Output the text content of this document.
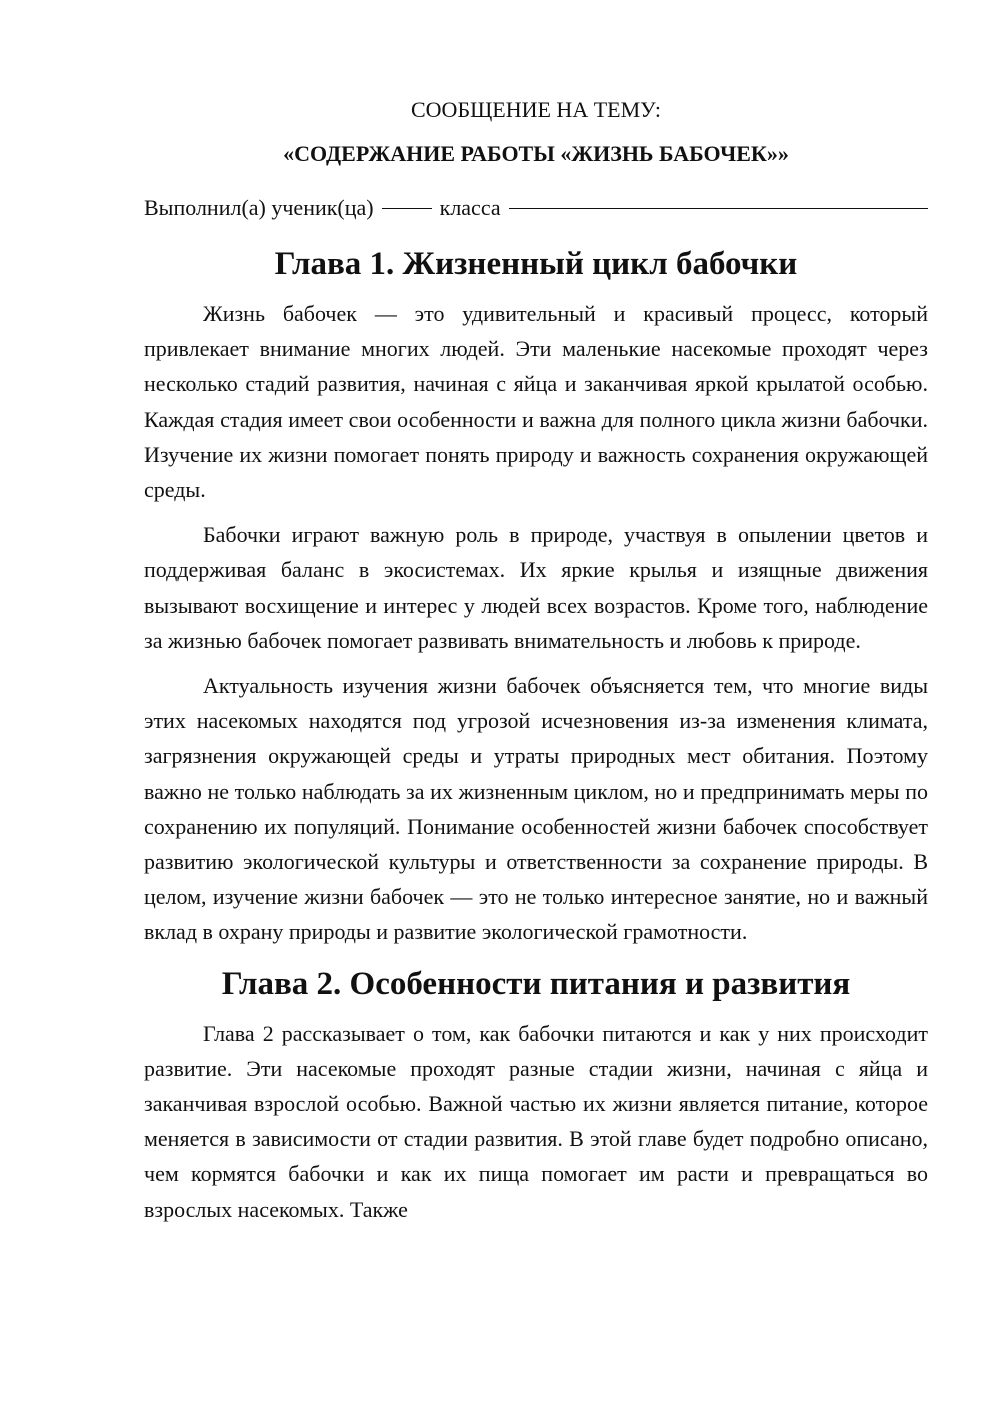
СООБЩЕНИЕ НА ТЕМУ:

«СОДЕРЖАНИЕ РАБОТЫ «ЖИЗНЬ БАБОЧЕК»»

Выполнил(а) ученик(ца)	класса
Глава 1. Жизненный цикл бабочки

Жизнь бабочек — это удивительный и красивый процесс, который привлекает внимание многих людей. Эти маленькие насекомые проходят через несколько стадий развития, начиная с яйца и заканчивая яркой крылатой особью. Каждая стадия имеет свои особенности и важна для полного цикла жизни бабочки. Изучение их жизни помогает понять природу и важность сохранения окружающей среды.

Бабочки играют важную роль в природе, участвуя в опылении цветов и поддерживая баланс в экосистемах. Их яркие крылья и изящные движения вызывают восхищение и интерес у людей всех возрастов. Кроме того, наблюдение за жизнью бабочек помогает развивать внимательность и любовь к природе.

Актуальность изучения жизни бабочек объясняется тем, что многие виды этих насекомых находятся под угрозой исчезновения из-за изменения климата, загрязнения окружающей среды и утраты природных мест обитания. Поэтому важно не только наблюдать за их жизненным циклом, но и предпринимать меры по сохранению их популяций. Понимание особенностей жизни бабочек способствует развитию экологической культуры и ответственности за сохранение природы. В целом, изучение жизни бабочек — это не только интересное занятие, но и важный вклад в охрану природы и развитие экологической грамотности.

Глава 2. Особенности питания и развития

Глава 2 рассказывает о том, как бабочки питаются и как у них происходит развитие. Эти насекомые проходят разные стадии жизни, начиная с яйца и заканчивая взрослой особью. Важной частью их жизни является питание, которое меняется в зависимости от стадии развития. В этой главе будет подробно описано, чем кормятся бабочки и как их пища помогает им расти и превращаться во взрослых насекомых. Также
